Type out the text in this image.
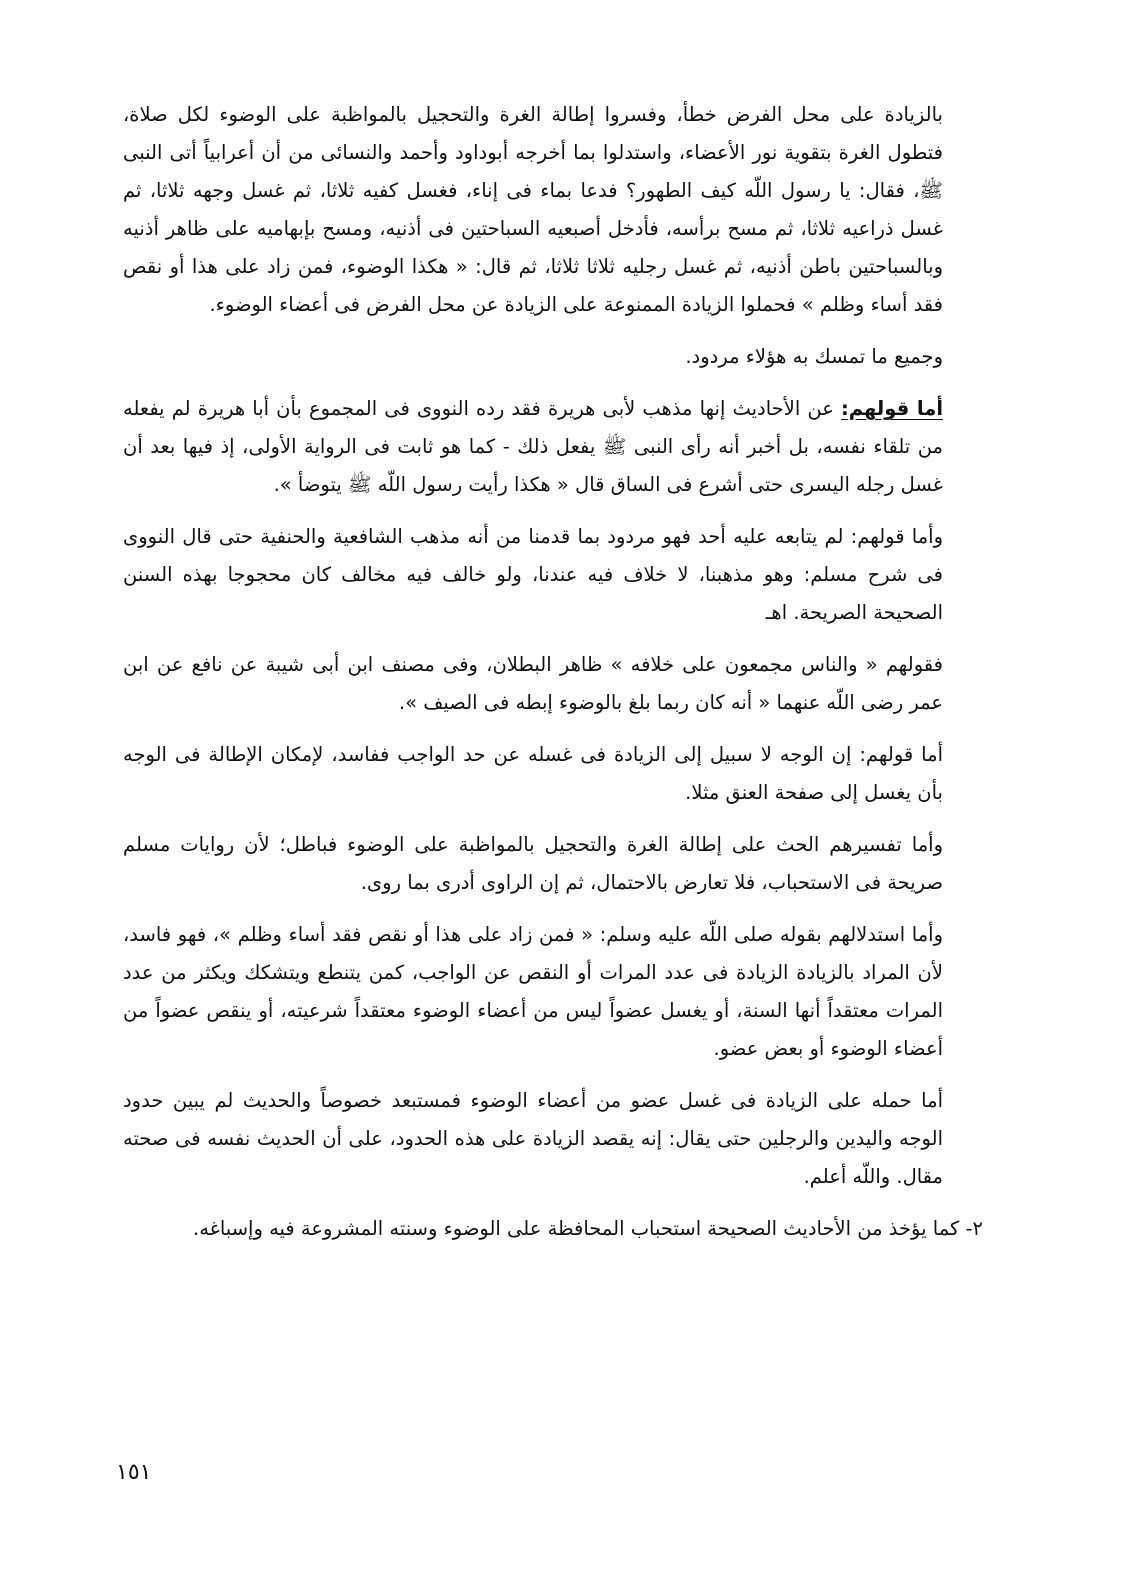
بالزيادة على محل الفرض خطأ، وفسروا إطالة الغرة والتحجيل بالمواظبة على الوضوء لكل صلاة، فتطول الغرة بتقوية نور الأعضاء، واستدلوا بما أخرجه أبوداود وأحمد والنسائى من أن أعرابياً أتى النبى ﷺ، فقال: يا رسول اللّه كيف الطهور؟ فدعا بماء فى إناء، فغسل كفيه ثلاثا، ثم غسل وجهه ثلاثا، ثم غسل ذراعيه ثلاثا، ثم مسح برأسه، فأدخل أصبعيه السباحتين فى أذنيه، ومسح بإبهاميه على ظاهر أذنيه وبالسباحتين باطن أذنيه، ثم غسل رجليه ثلاثا ثلاثا، ثم قال: « هكذا الوضوء، فمن زاد على هذا أو نقص فقد أساء وظلم » فحملوا الزيادة الممنوعة على الزيادة عن محل الفرض فى أعضاء الوضوء.

وجميع ما تمسك به هؤلاء مردود.

أما قولهم: عن الأحاديث إنها مذهب لأبى هريرة فقد رده النووى فى المجموع بأن أبا هريرة لم يفعله من تلقاء نفسه، بل أخبر أنه رأى النبى ﷺ يفعل ذلك - كما هو ثابت فى الرواية الأولى، إذ فيها بعد أن غسل رجله اليسرى حتى أشرع فى الساق قال « هكذا رأيت رسول اللّه ﷺ يتوضأ ».

وأما قولهم: لم يتابعه عليه أحد فهو مردود بما قدمنا من أنه مذهب الشافعية والحنفية حتى قال النووى فى شرح مسلم: وهو مذهبنا، لا خلاف فيه عندنا، ولو خالف فيه مخالف كان محجوجا بهذه السنن الصحيحة الصريحة. اهـ

فقولهم « والناس مجمعون على خلافه » ظاهر البطلان، وفى مصنف ابن أبى شيبة عن نافع عن ابن عمر رضى اللّه عنهما « أنه كان ربما بلغ بالوضوء إبطه فى الصيف ».

أما قولهم: إن الوجه لا سبيل إلى الزيادة فى غسله عن حد الواجب ففاسد، لإمكان الإطالة فى الوجه بأن يغسل إلى صفحة العنق مثلا.

وأما تفسيرهم الحث على إطالة الغرة والتحجيل بالمواظبة على الوضوء فباطل؛ لأن روايات مسلم صريحة فى الاستحباب، فلا تعارض بالاحتمال، ثم إن الراوى أدرى بما روى.

وأما استدلالهم بقوله صلى اللّه عليه وسلم: « فمن زاد على هذا أو نقص فقد أساء وظلم »، فهو فاسد، لأن المراد بالزيادة الزيادة فى عدد المرات أو النقص عن الواجب، كمن يتنطع ويتشكك ويكثر من عدد المرات معتقداً أنها السنة، أو يغسل عضواً ليس من أعضاء الوضوء معتقداً شرعيته، أو ينقص عضواً من أعضاء الوضوء أو بعض عضو.

أما حمله على الزيادة فى غسل عضو من أعضاء الوضوء فمستبعد خصوصاً والحديث لم يبين حدود الوجه واليدين والرجلين حتى يقال: إنه يقصد الزيادة على هذه الحدود، على أن الحديث نفسه فى صحته مقال. واللّه أعلم.

٢- كما يؤخذ من الأحاديث الصحيحة استحباب المحافظة على الوضوء وسنته المشروعة فيه وإسباغه.

١٥١
